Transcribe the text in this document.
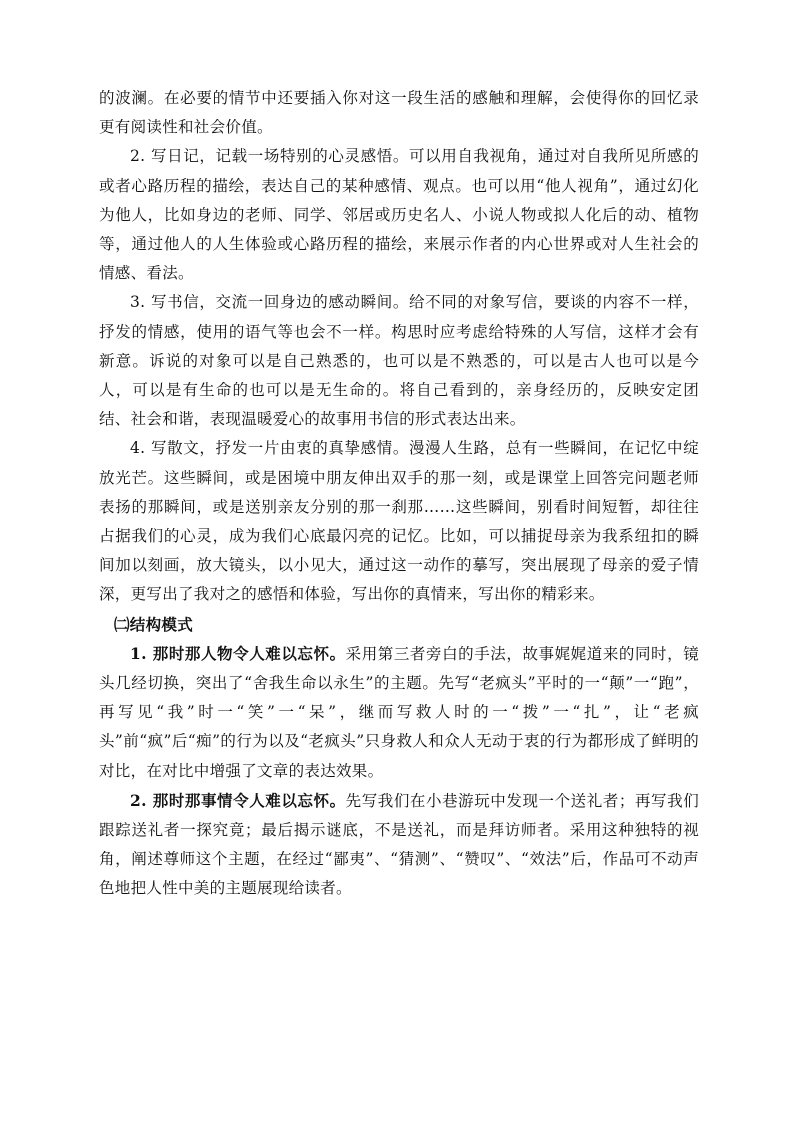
的波澜。在必要的情节中还要插入你对这一段生活的感触和理解，会使得你的回忆录更有阅读性和社会价值。

2. 写日记，记载一场特别的心灵感悟。可以用自我视角，通过对自我所见所感的或者心路历程的描绘，表达自己的某种感情、观点。也可以用“他人视角”，通过幻化为他人，比如身边的老师、同学、邻居或历史名人、小说人物或拟人化后的动、植物等，通过他人的人生体验或心路历程的描绘，来展示作者的内心世界或对人生社会的情感、看法。

3. 写书信，交流一回身边的感动瞬间。给不同的对象写信，要谈的内容不一样，抒发的情感，使用的语气等也会不一样。构思时应考虑给特殊的人写信，这样才会有新意。诉说的对象可以是自己熟悉的，也可以是不熟悉的，可以是古人也可以是今人，可以是有生命的也可以是无生命的。将自己看到的，亲身经历的，反映安定团结、社会和谐，表现温暖爱心的故事用书信的形式表达出来。

4. 写散文，抒发一片由衷的真挚感情。漫漫人生路，总有一些瞬间，在记忆中绽放光芒。这些瞬间，或是困境中朋友伸出双手的那一刻，或是课堂上回答完问题老师表扬的那瞬间，或是送别亲友分别的那一刹那……这些瞬间，别看时间短暂，却往往占据我们的心灵，成为我们心底最闪亮的记忆。比如，可以捕捉母亲为我系纽扣的瞬间加以刻画，放大镜头，以小见大，通过这一动作的摹写，突出展现了母亲的爱子情深，更写出了我对之的感悟和体验，写出你的真情来，写出你的精彩来。

㈡结构模式

1. 那时那人物令人难以忘怀。采用第三者旁白的手法，故事娓娓道来的同时，镜头几经切换，突出了“舍我生命以永生”的主题。先写“老疯头”平时的一“颠”一“跑”，再写见“我”时一“笑”一“呆”，继而写救人时的一“拨”一“扎”，让“老疯头”前“疯”后“痴”的行为以及“老疯头”只身救人和众人无动于衷的行为都形成了鲜明的对比，在对比中增强了文章的表达效果。

2. 那时那事情令人难以忘怀。先写我们在小巷游玩中发现一个送礼者；再写我们跟踪送礼者一探究竟；最后揭示谜底，不是送礼，而是拜访师者。采用这种独特的视角，阐述尊师这个主题，在经过“鄙夷”、“猜测”、“赞叹”、“效法”后，作品可不动声色地把人性中美的主题展现给读者。
